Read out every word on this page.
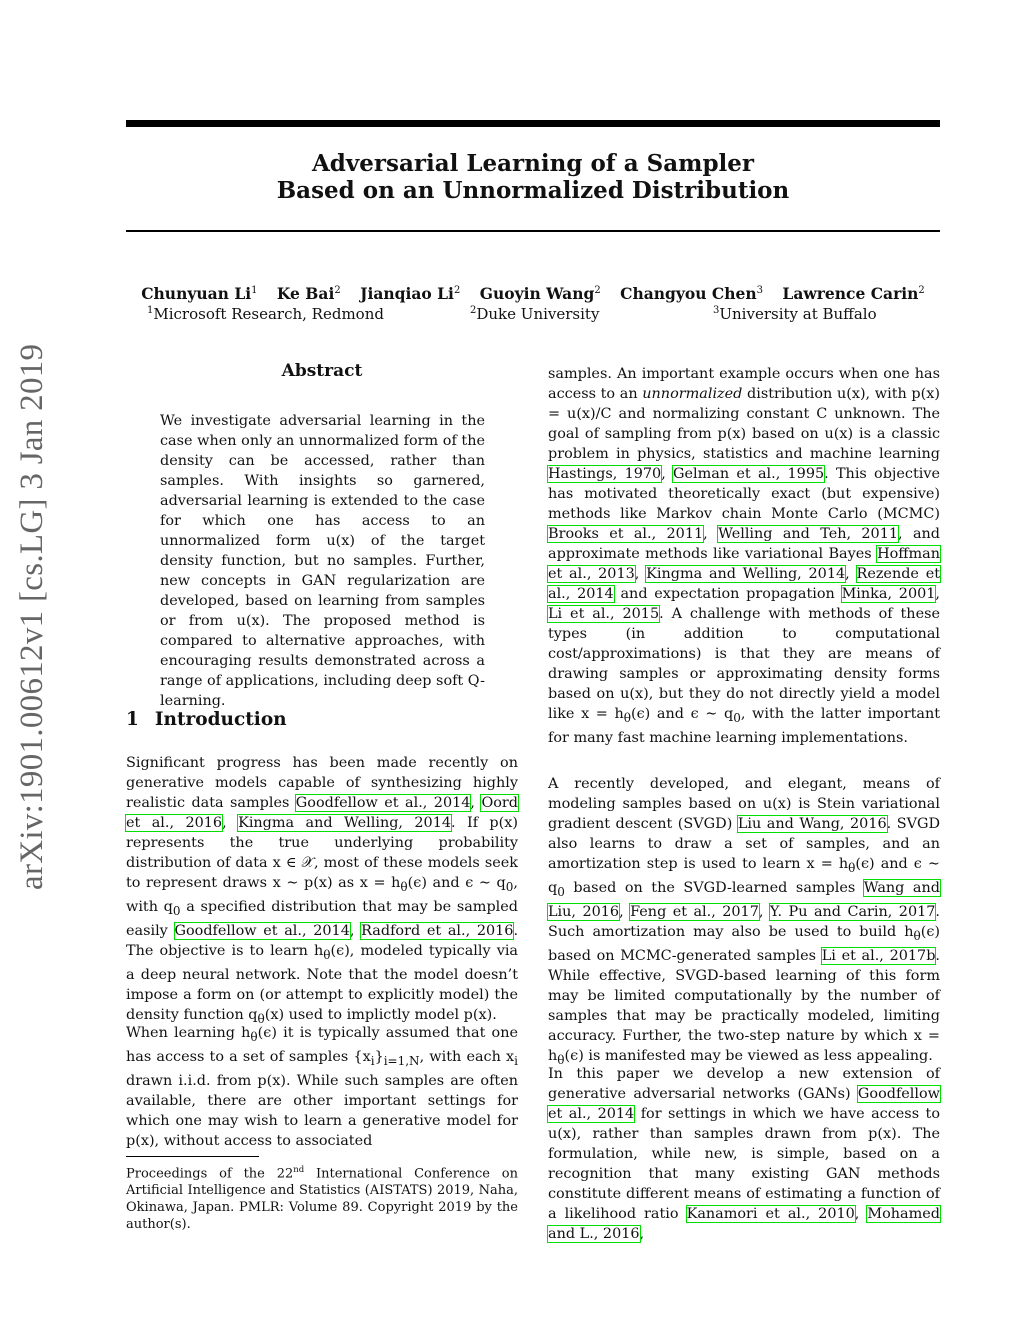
arXiv:1901.00612v1 [cs.LG] 3 Jan 2019
Adversarial Learning of a Sampler
Based on an Unnormalized Distribution
Chunyuan Li$^1$ Ke Bai$^2$ Jianqiao Li$^2$ Guoyin Wang$^2$ Changyou Chen$^3$ Lawrence Carin$^2$
$^1$Microsoft Research, Redmond	$^2$Duke University	$^3$University at Buffalo
Abstract
We investigate adversarial learning in the case when only an unnormalized form of the density can be accessed, rather than samples. With insights so garnered, adversarial learning is extended to the case for which one has access to an unnormalized form u(x) of the target density function, but no samples. Further, new concepts in GAN regularization are developed, based on learning from samples or from u(x). The proposed method is compared to alternative approaches, with encouraging results demonstrated across a range of applications, including deep soft Q-learning.
1 Introduction
Significant progress has been made recently on generative models capable of synthesizing highly realistic data samples Goodfellow et al., 2014, Oord et al., 2016, Kingma and Welling, 2014. If p(x) represents the true underlying probability distribution of data x ∈ 𝒳, most of these models seek to represent draws x ∼ p(x) as $x = h_\theta(\epsilon)$ and ϵ ∼ $q_0$, with $q_0$ a specified distribution that may be sampled easily Goodfellow et al., 2014, Radford et al., 2016. The objective is to learn $h_\theta(\epsilon)$, modeled typically via a deep neural network. Note that the model doesn’t impose a form on (or attempt to explicitly model) the density function $q_\theta(x)$ used to implictly model p(x).
When learning $h_\theta(\epsilon)$ it is typically assumed that one has access to a set of samples $\{x_i\}_{i=1,N}$, with each $x_i$ drawn i.i.d. from p(x). While such samples are often available, there are other important settings for which one may wish to learn a generative model for p(x), without access to associated
Proceedings of the 22nd International Conference on Artificial Intelligence and Statistics (AISTATS) 2019, Naha, Okinawa, Japan. PMLR: Volume 89. Copyright 2019 by the author(s).
samples. An important example occurs when one has access to an unnormalized distribution u(x), with p(x) = u(x)/C and normalizing constant C unknown. The goal of sampling from p(x) based on u(x) is a classic problem in physics, statistics and machine learning Hastings, 1970, Gelman et al., 1995. This objective has motivated theoretically exact (but expensive) methods like Markov chain Monte Carlo (MCMC) Brooks et al., 2011, Welling and Teh, 2011, and approximate methods like variational Bayes Hoffman et al., 2013, Kingma and Welling, 2014, Rezende et al., 2014 and expectation propagation Minka, 2001, Li et al., 2015. A challenge with methods of these types (in addition to computational cost/approximations) is that they are means of drawing samples or approximating density forms based on u(x), but they do not directly yield a model like $x = h_\theta(\epsilon)$ and ϵ ∼ $q_0$, with the latter important for many fast machine learning implementations.
A recently developed, and elegant, means of modeling samples based on u(x) is Stein variational gradient descent (SVGD) Liu and Wang, 2016. SVGD also learns to draw a set of samples, and an amortization step is used to learn $x = h_\theta(\epsilon)$ and ϵ ∼ $q_0$ based on the SVGD-learned samples Wang and Liu, 2016, Feng et al., 2017, Y. Pu and Carin, 2017. Such amortization may also be used to build $h_\theta(\epsilon)$ based on MCMC-generated samples Li et al., 2017b. While effective, SVGD-based learning of this form may be limited computationally by the number of samples that may be practically modeled, limiting accuracy. Further, the two-step nature by which $x = h_\theta(\epsilon)$ is manifested may be viewed as less appealing.
In this paper we develop a new extension of generative adversarial networks (GANs) Goodfellow et al., 2014 for settings in which we have access to u(x), rather than samples drawn from p(x). The formulation, while new, is simple, based on a recognition that many existing GAN methods constitute different means of estimating a function of a likelihood ratio Kanamori et al., 2010, Mohamed and L., 2016,
